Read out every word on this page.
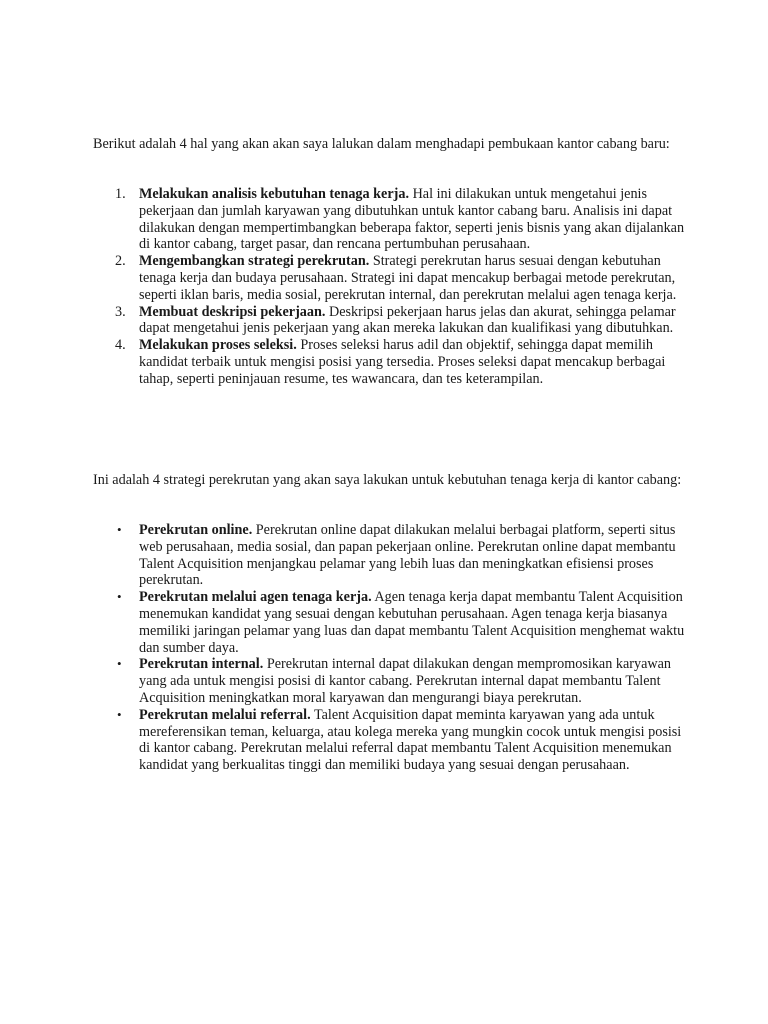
Berikut adalah 4 hal yang akan akan saya lalukan dalam menghadapi pembukaan kantor cabang baru:

1. Melakukan analisis kebutuhan tenaga kerja. Hal ini dilakukan untuk mengetahui jenis pekerjaan dan jumlah karyawan yang dibutuhkan untuk kantor cabang baru. Analisis ini dapat dilakukan dengan mempertimbangkan beberapa faktor, seperti jenis bisnis yang akan dijalankan di kantor cabang, target pasar, dan rencana pertumbuhan perusahaan.
2. Mengembangkan strategi perekrutan. Strategi perekrutan harus sesuai dengan kebutuhan tenaga kerja dan budaya perusahaan. Strategi ini dapat mencakup berbagai metode perekrutan, seperti iklan baris, media sosial, perekrutan internal, dan perekrutan melalui agen tenaga kerja.
3. Membuat deskripsi pekerjaan. Deskripsi pekerjaan harus jelas dan akurat, sehingga pelamar dapat mengetahui jenis pekerjaan yang akan mereka lakukan dan kualifikasi yang dibutuhkan.
4. Melakukan proses seleksi. Proses seleksi harus adil dan objektif, sehingga dapat memilih kandidat terbaik untuk mengisi posisi yang tersedia. Proses seleksi dapat mencakup berbagai tahap, seperti peninjauan resume, tes wawancara, dan tes keterampilan.

Ini adalah 4 strategi perekrutan yang akan saya lakukan untuk kebutuhan tenaga kerja di kantor cabang:

• Perekrutan online. Perekrutan online dapat dilakukan melalui berbagai platform, seperti situs web perusahaan, media sosial, dan papan pekerjaan online. Perekrutan online dapat membantu Talent Acquisition menjangkau pelamar yang lebih luas dan meningkatkan efisiensi proses perekrutan.
• Perekrutan melalui agen tenaga kerja. Agen tenaga kerja dapat membantu Talent Acquisition menemukan kandidat yang sesuai dengan kebutuhan perusahaan. Agen tenaga kerja biasanya memiliki jaringan pelamar yang luas dan dapat membantu Talent Acquisition menghemat waktu dan sumber daya.
• Perekrutan internal. Perekrutan internal dapat dilakukan dengan mempromosikan karyawan yang ada untuk mengisi posisi di kantor cabang. Perekrutan internal dapat membantu Talent Acquisition meningkatkan moral karyawan dan mengurangi biaya perekrutan.
• Perekrutan melalui referral. Talent Acquisition dapat meminta karyawan yang ada untuk mereferensikan teman, keluarga, atau kolega mereka yang mungkin cocok untuk mengisi posisi di kantor cabang. Perekrutan melalui referral dapat membantu Talent Acquisition menemukan kandidat yang berkualitas tinggi dan memiliki budaya yang sesuai dengan perusahaan.
